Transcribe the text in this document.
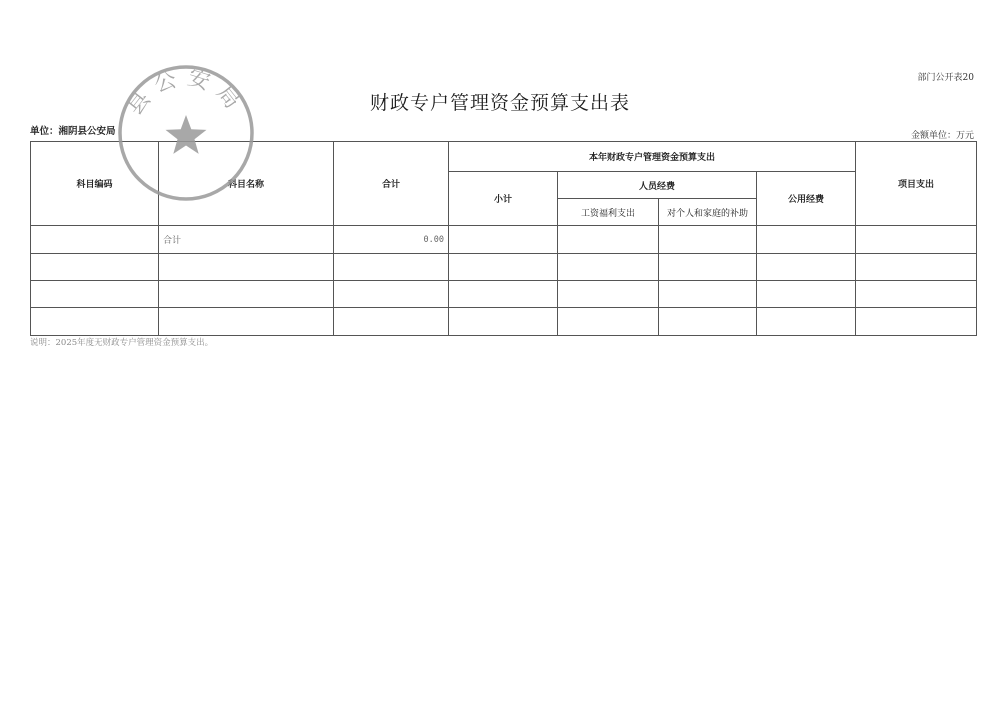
部门公开表20
财政专户管理资金预算支出表
单位：湘阴县公安局	金额单位：万元
科目编码	科目名称	合计	本年财政专户管理资金预算支出				项目支出
			小计	人员经费		公用经费	
				工资福利支出	对个人和家庭的补助		
	合计	0.00					

说明：2025年度无财政专户管理资金预算支出。
县公安局
